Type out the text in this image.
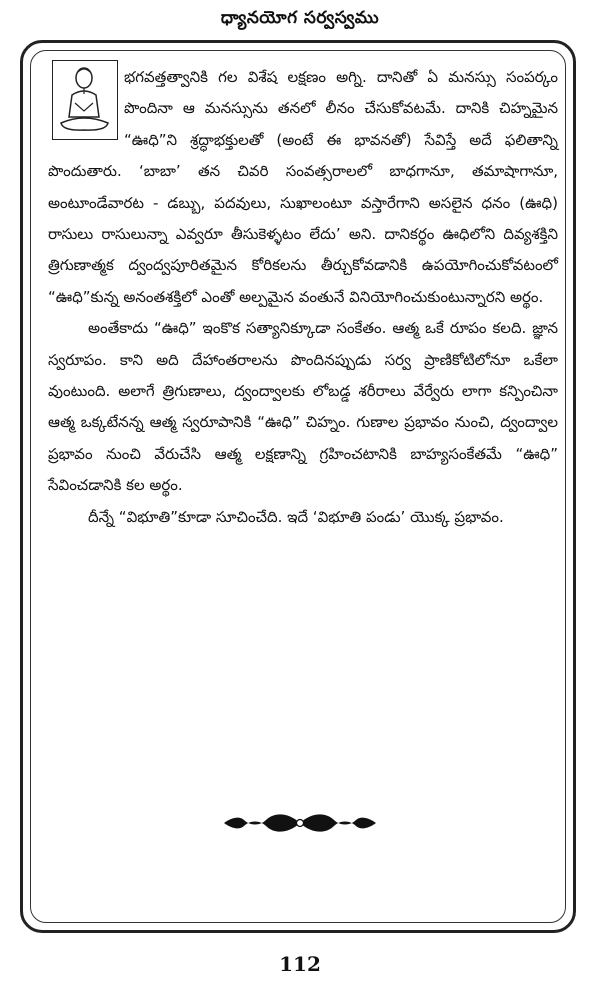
ధ్యానయోగ సర్వస్వము

భగవత్తత్వానికి గల విశేష లక్షణం అగ్ని. దానితో ఏ మనస్సు సంపర్కం పొందినా ఆ మనస్సును తనలో లీనం చేసుకోవటమే. దానికి చిహ్నమైన “ఊధి”ని శ్రద్ధాభక్తులతో (అంటే ఈ భావనతో) సేవిస్తే అదే ఫలితాన్ని పొందుతారు. ‘బాబా’ తన చివరి సంవత్సరాలలో బాధగానూ, తమాషాగానూ, అంటూండేవారట - డబ్బు, పదవులు, సుఖాలంటూ వస్తారేగాని అసలైన ధనం (ఊధి) రాసులు రాసులున్నా ఎవ్వరూ తీసుకెళ్ళటం లేదు’ అని. దానికర్థం ఊధిలోని దివ్యశక్తిని త్రిగుణాత్మక ద్వంద్వపూరితమైన కోరికలను తీర్చుకోవడానికి ఉపయోగించుకోవటంలో “ఊధి”కున్న అనంతశక్తిలో ఎంతో అల్పమైన వంతునే వినియోగించుకుంటున్నారని అర్థం.

అంతేకాదు “ఊధి” ఇంకొక సత్యానిక్కూడా సంకేతం. ఆత్మ ఒకే రూపం కలది. జ్ఞాన స్వరూపం. కాని అది దేహాంతరాలను పొందినప్పుడు సర్వ ప్రాణికోటిలోనూ ఒకేలా వుంటుంది. అలాగే త్రిగుణాలు, ద్వంద్వాలకు లోబడ్డ శరీరాలు వేర్వేరు లాగా కన్పించినా ఆత్మ ఒక్కటేనన్న ఆత్మ స్వరూపానికి “ఊధి” చిహ్నం. గుణాల ప్రభావం నుంచి, ద్వంద్వాల ప్రభావం నుంచి వేరుచేసి ఆత్మ లక్షణాన్ని గ్రహించటానికి బాహ్యసంకేతమే “ఊధి” సేవించడానికి కల అర్థం.

దీన్నే “విభూతి”కూడా సూచించేది. ఇదే ‘విభూతి పండు’ యొక్క ప్రభావం.

112
